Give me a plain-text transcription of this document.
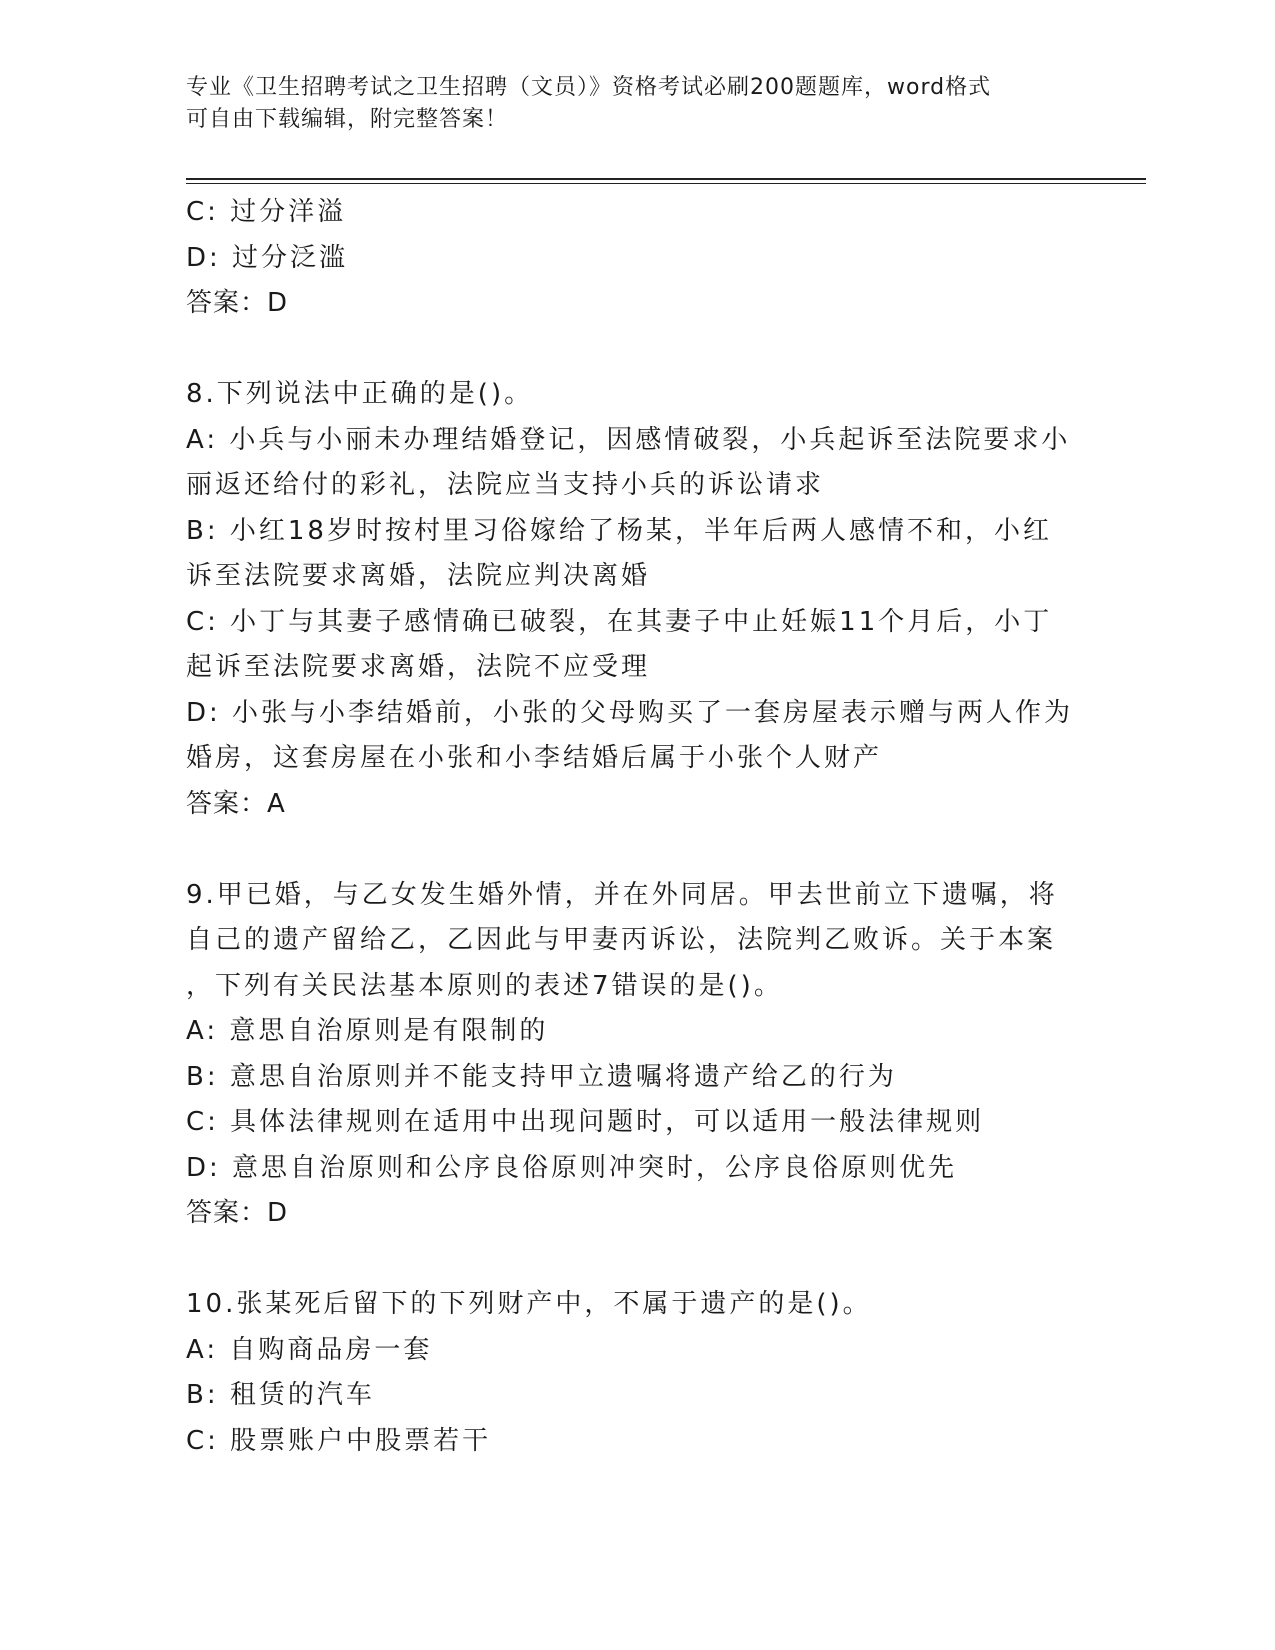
专业《卫生招聘考试之卫生招聘（文员）》资格考试必刷200题题库，word格式
可自由下载编辑，附完整答案！
C: 过分洋溢
D: 过分泛滥
答案：D
8.下列说法中正确的是()。
A: 小兵与小丽未办理结婚登记，因感情破裂，小兵起诉至法院要求小
丽返还给付的彩礼，法院应当支持小兵的诉讼请求
B: 小红18岁时按村里习俗嫁给了杨某，半年后两人感情不和，小红
诉至法院要求离婚，法院应判决离婚
C: 小丁与其妻子感情确已破裂，在其妻子中止妊娠11个月后，小丁
起诉至法院要求离婚，法院不应受理
D: 小张与小李结婚前，小张的父母购买了一套房屋表示赠与两人作为
婚房，这套房屋在小张和小李结婚后属于小张个人财产
答案：A
9.甲已婚，与乙女发生婚外情，并在外同居。甲去世前立下遗嘱，将
自己的遗产留给乙，乙因此与甲妻丙诉讼，法院判乙败诉。关于本案
，下列有关民法基本原则的表述7错误的是()。
A: 意思自治原则是有限制的
B: 意思自治原则并不能支持甲立遗嘱将遗产给乙的行为
C: 具体法律规则在适用中出现问题时，可以适用一般法律规则
D: 意思自治原则和公序良俗原则冲突时，公序良俗原则优先
答案：D
10.张某死后留下的下列财产中，不属于遗产的是()。
A: 自购商品房一套
B: 租赁的汽车
C: 股票账户中股票若干
